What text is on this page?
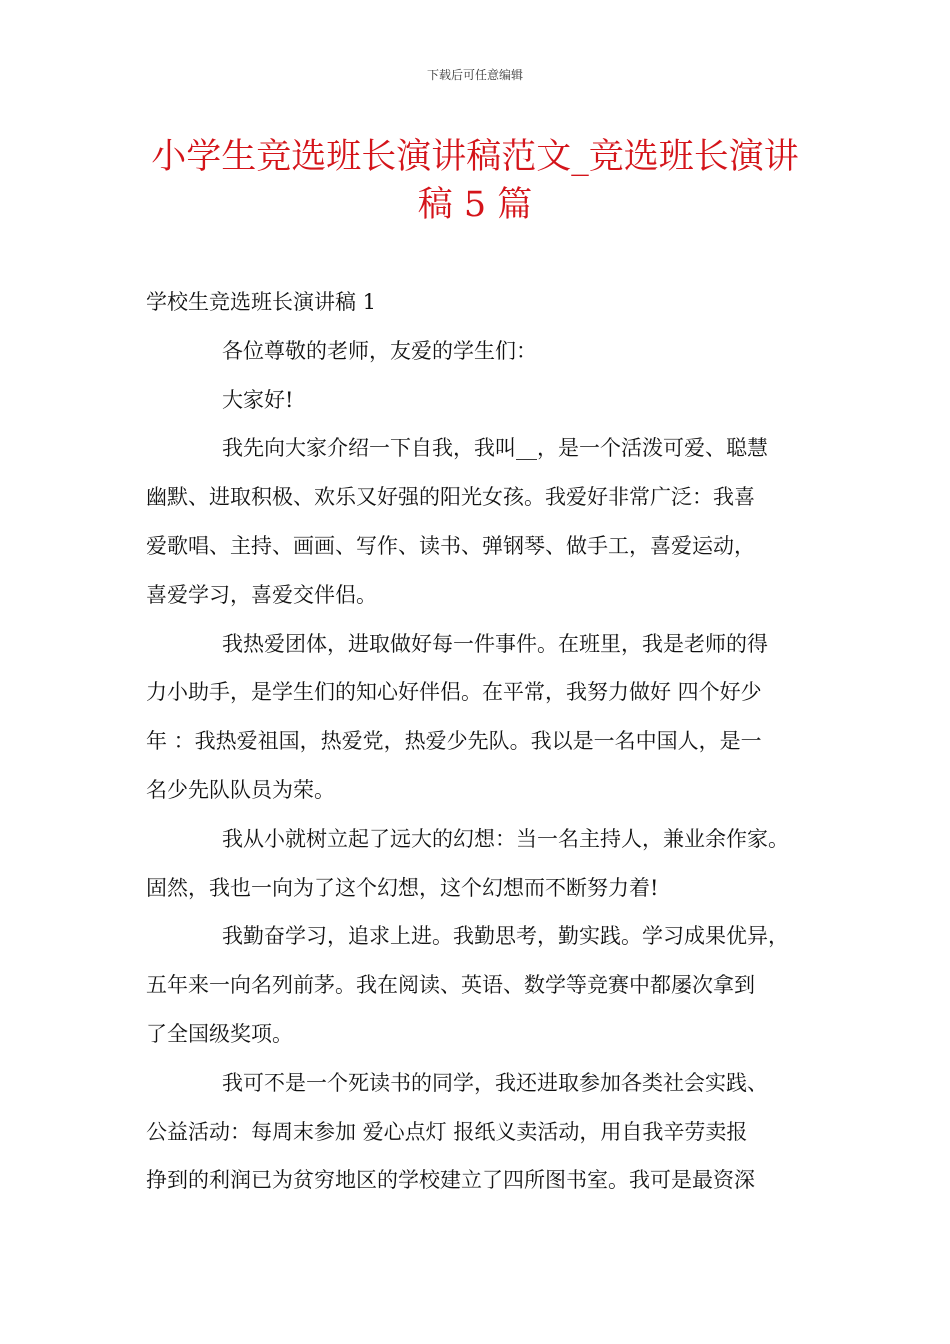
下载后可任意编辑
小学生竞选班长演讲稿范文_竞选班长演讲
稿 5 篇
学校生竞选班长演讲稿 1
各位尊敬的老师，友爱的学生们：
大家好!
我先向大家介绍一下自我，我叫__，是一个活泼可爱、聪慧
幽默、进取积极、欢乐又好强的阳光女孩。我爱好非常广泛：我喜
爱歌唱、主持、画画、写作、读书、弹钢琴、做手工，喜爱运动，
喜爱学习，喜爱交伴侣。
我热爱团体，进取做好每一件事件。在班里，我是老师的得
力小助手，是学生们的知心好伴侣。在平常，我努力做好 四个好少
年 ：我热爱祖国，热爱党，热爱少先队。我以是一名中国人，是一
名少先队队员为荣。
我从小就树立起了远大的幻想：当一名主持人，兼业余作家。
固然，我也一向为了这个幻想，这个幻想而不断努力着!
我勤奋学习，追求上进。我勤思考，勤实践。学习成果优异，
五年来一向名列前茅。我在阅读、英语、数学等竞赛中都屡次拿到
了全国级奖项。
我可不是一个死读书的同学，我还进取参加各类社会实践、
公益活动：每周末参加 爱心点灯 报纸义卖活动，用自我辛劳卖报
挣到的利润已为贫穷地区的学校建立了四所图书室。我可是最资深
